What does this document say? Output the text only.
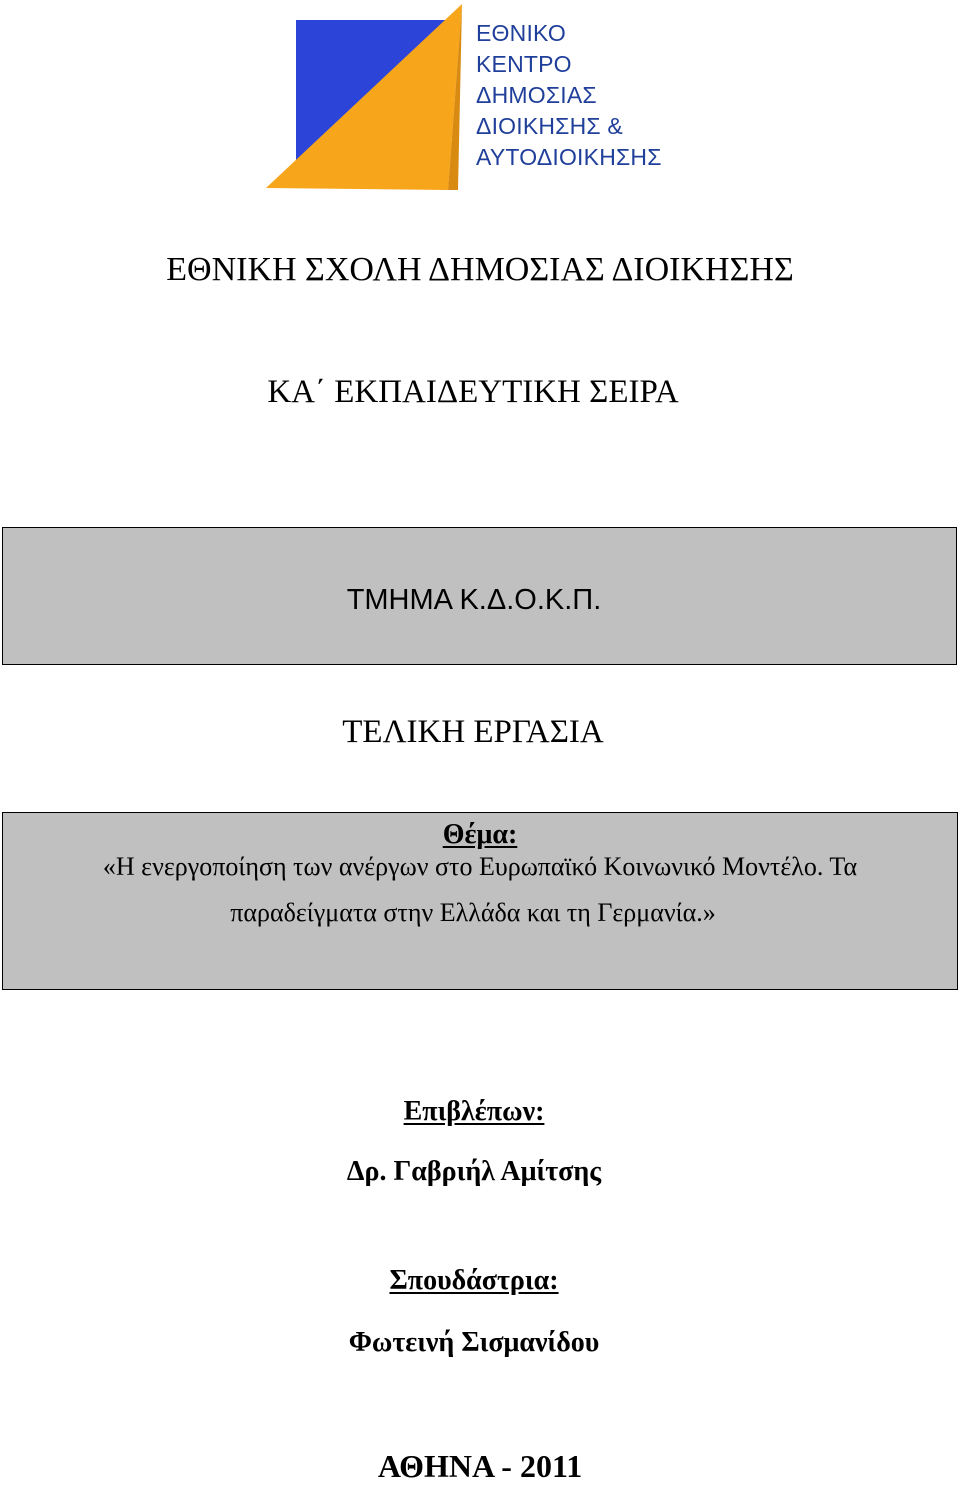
ΕΘΝΙΚΟ
ΚΕΝΤΡΟ
ΔΗΜΟΣΙΑΣ
ΔΙΟΙΚΗΣΗΣ &
ΑΥΤΟΔΙΟΙΚΗΣΗΣ
ΕΘΝΙΚΗ ΣΧΟΛΗ ΔΗΜΟΣΙΑΣ ΔΙΟΙΚΗΣΗΣ
ΚΑ΄ ΕΚΠΑΙΔΕΥΤΙΚΗ ΣΕΙΡΑ
ΤΜΗΜΑ Κ.Δ.Ο.Κ.Π.
ΤΕΛΙΚΗ ΕΡΓΑΣΙΑ
Θέμα:
«Η ενεργοποίηση των ανέργων στο Ευρωπαϊκό Κοινωνικό Μοντέλο. Τα
παραδείγματα στην Ελλάδα και τη Γερμανία.»
Επιβλέπων:
Δρ. Γαβριήλ Αμίτσης
Σπουδάστρια:
Φωτεινή Σισμανίδου
ΑΘΗΝΑ - 2011
